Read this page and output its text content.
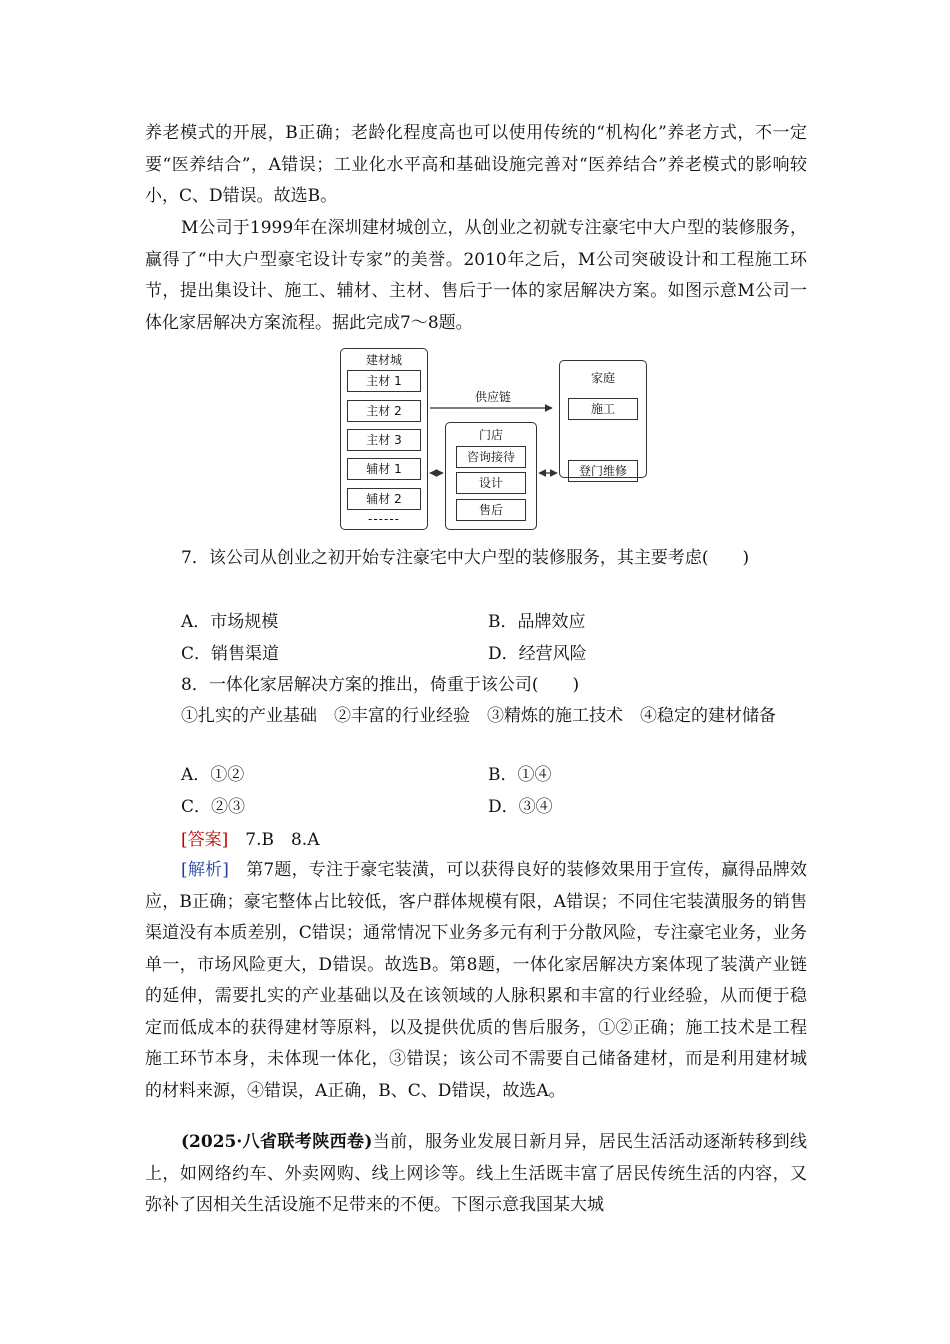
养老模式的开展，B正确；老龄化程度高也可以使用传统的“机构化”养老方式，不一定要“医养结合”，A错误；工业化水平高和基础设施完善对“医养结合”养老模式的影响较小，C、D错误。故选B。

M公司于1999年在深圳建材城创立，从创业之初就专注豪宅中大户型的装修服务，赢得了“中大户型豪宅设计专家”的美誉。2010年之后，M公司突破设计和工程施工环节，提出集设计、施工、辅材、主材、售后于一体的家居解决方案。如图示意M公司一体化家居解决方案流程。据此完成7～8题。

建材城
主材 1
主材 2
主材 3
辅材 1
辅材 2
------
供应链
门店
咨询接待
设计
售后
家庭
施工
登门维修

7．该公司从创业之初开始专注豪宅中大户型的装修服务，其主要考虑(　　)

A．市场规模	B．品牌效应
C．销售渠道	D．经营风险
8．一体化家居解决方案的推出，倚重于该公司(　　)

①扎实的产业基础　②丰富的行业经验　③精炼的施工技术　④稳定的建材储备

A．①②	B．①④
C．②③	D．③④
[答案]　7.B　8.A

[解析]　第7题，专注于豪宅装潢，可以获得良好的装修效果用于宣传，赢得品牌效应，B正确；豪宅整体占比较低，客户群体规模有限，A错误；不同住宅装潢服务的销售渠道没有本质差别，C错误；通常情况下业务多元有利于分散风险，专注豪宅业务，业务单一，市场风险更大，D错误。故选B。第8题，一体化家居解决方案体现了装潢产业链的延伸，需要扎实的产业基础以及在该领域的人脉积累和丰富的行业经验，从而便于稳定而低成本的获得建材等原料，以及提供优质的售后服务，①②正确；施工技术是工程施工环节本身，未体现一体化，③错误；该公司不需要自己储备建材，而是利用建材城的材料来源，④错误，A正确，B、C、D错误，故选A。

(2025·八省联考陕西卷)当前，服务业发展日新月异，居民生活活动逐渐转移到线上，如网络约车、外卖网购、线上网诊等。线上生活既丰富了居民传统生活的内容，又弥补了因相关生活设施不足带来的不便。下图示意我国某大城
